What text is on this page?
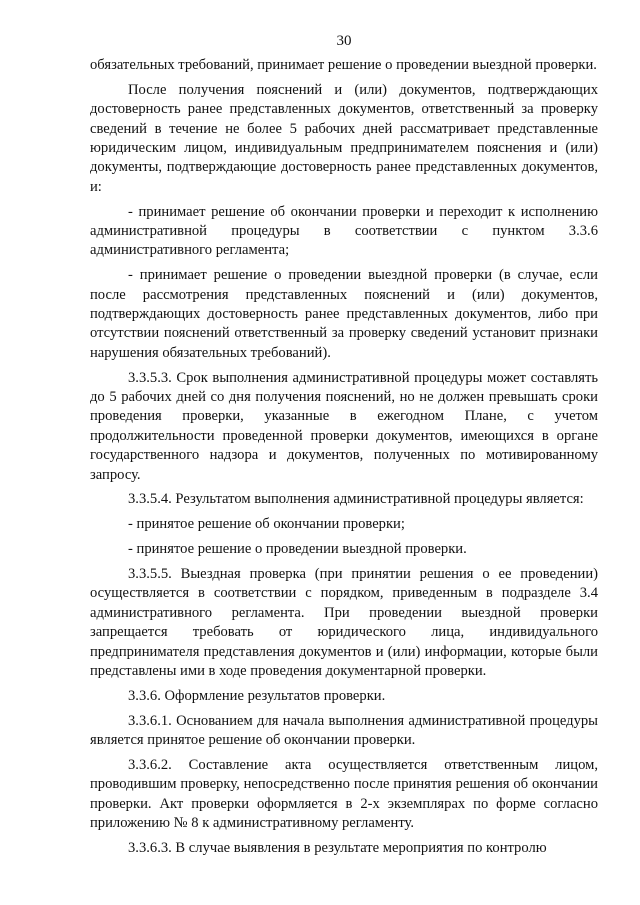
30

обязательных требований, принимает решение о проведении выездной проверки.

После получения пояснений и (или) документов, подтверждающих достоверность ранее представленных документов, ответственный за проверку сведений в течение не более 5 рабочих дней рассматривает представленные юридическим лицом, индивидуальным предпринимателем пояснения и (или) документы, подтверждающие достоверность ранее представленных документов, и:

- принимает решение об окончании проверки и переходит к исполнению административной процедуры в соответствии с пунктом 3.3.6 административного регламента;

- принимает решение о проведении выездной проверки (в случае, если после рассмотрения представленных пояснений и (или) документов, подтверждающих достоверность ранее представленных документов, либо при отсутствии пояснений ответственный за проверку сведений установит признаки нарушения обязательных требований).

3.3.5.3. Срок выполнения административной процедуры может составлять до 5 рабочих дней со дня получения пояснений, но не должен превышать сроки проведения проверки, указанные в ежегодном Плане, с учетом продолжительности проведенной проверки документов, имеющихся в органе государственного надзора и документов, полученных по мотивированному запросу.

3.3.5.4. Результатом выполнения административной процедуры является:

- принятое решение об окончании проверки;

- принятое решение о проведении выездной проверки.

3.3.5.5. Выездная проверка (при принятии решения о ее проведении) осуществляется в соответствии с порядком, приведенным в подразделе 3.4 административного регламента. При проведении выездной проверки запрещается требовать от юридического лица, индивидуального предпринимателя представления документов и (или) информации, которые были представлены ими в ходе проведения документарной проверки.

3.3.6. Оформление результатов проверки.

3.3.6.1. Основанием для начала выполнения административной процедуры является принятое решение об окончании проверки.

3.3.6.2. Составление акта осуществляется ответственным лицом, проводившим проверку, непосредственно после принятия решения об окончании проверки. Акт проверки оформляется в 2-х экземплярах по форме согласно приложению № 8 к административному регламенту.

3.3.6.3. В случае выявления в результате мероприятия по контролю
